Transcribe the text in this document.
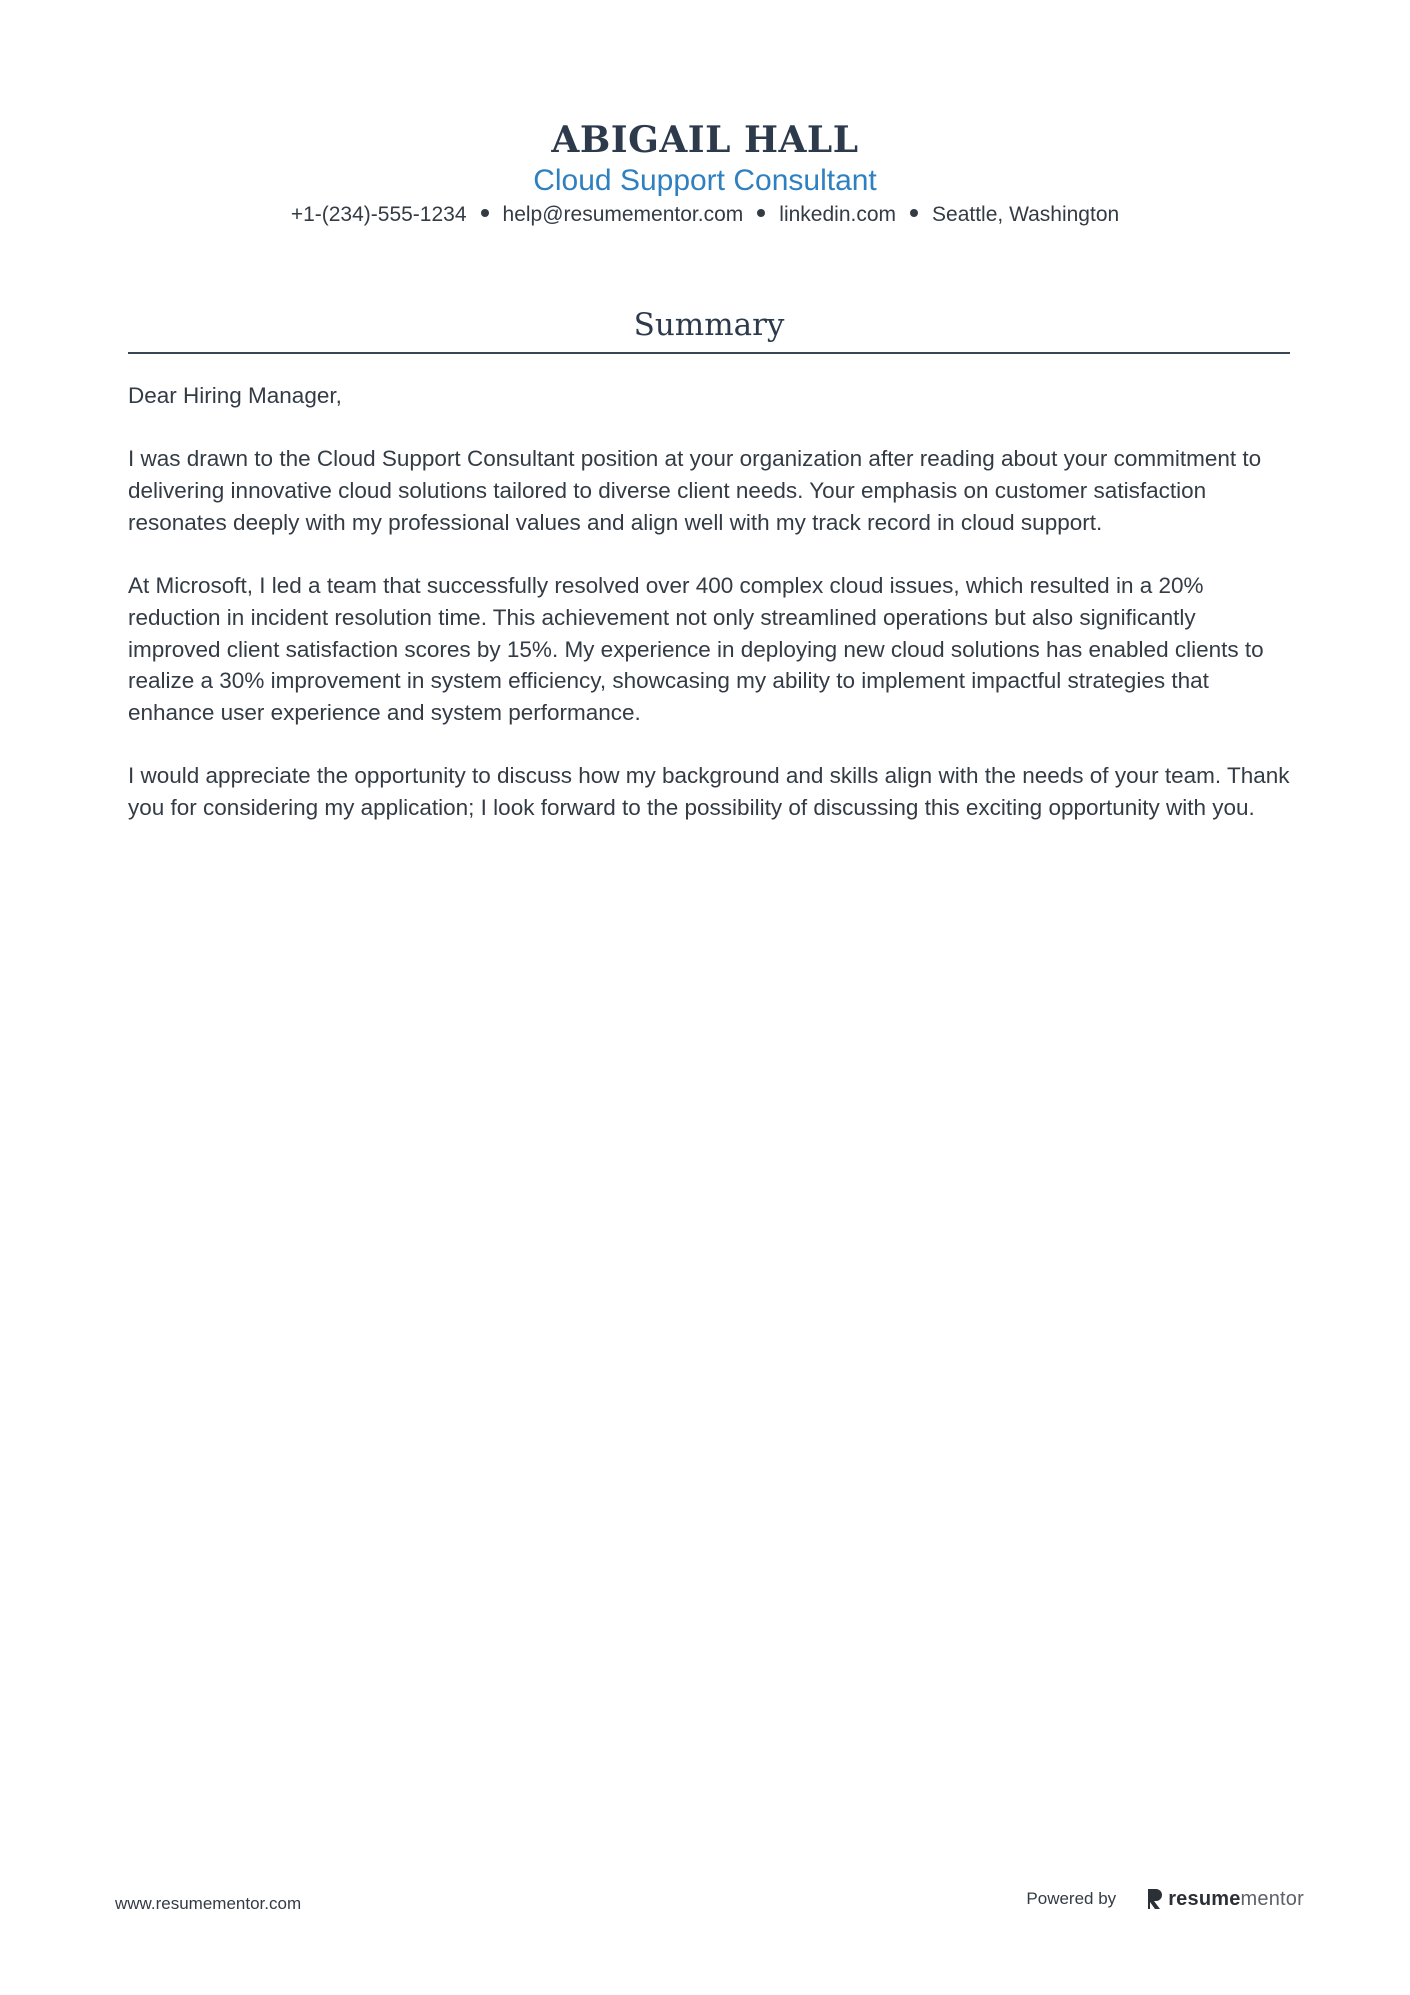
ABIGAIL HALL
Cloud Support Consultant
+1-(234)-555-1234 help@resumementor.com linkedin.com Seattle, Washington
Summary

Dear Hiring Manager,

I was drawn to the Cloud Support Consultant position at your organization after reading about your commitment to delivering innovative cloud solutions tailored to diverse client needs. Your emphasis on customer satisfaction resonates deeply with my professional values and align well with my track record in cloud support.

At Microsoft, I led a team that successfully resolved over 400 complex cloud issues, which resulted in a 20% reduction in incident resolution time. This achievement not only streamlined operations but also significantly improved client satisfaction scores by 15%. My experience in deploying new cloud solutions has enabled clients to realize a 30% improvement in system efficiency, showcasing my ability to implement impactful strategies that enhance user experience and system performance.

I would appreciate the opportunity to discuss how my background and skills align with the needs of your team. Thank you for considering my application; I look forward to the possibility of discussing this exciting opportunity with you.

www.resumementor.com	Powered by	resume mentor
